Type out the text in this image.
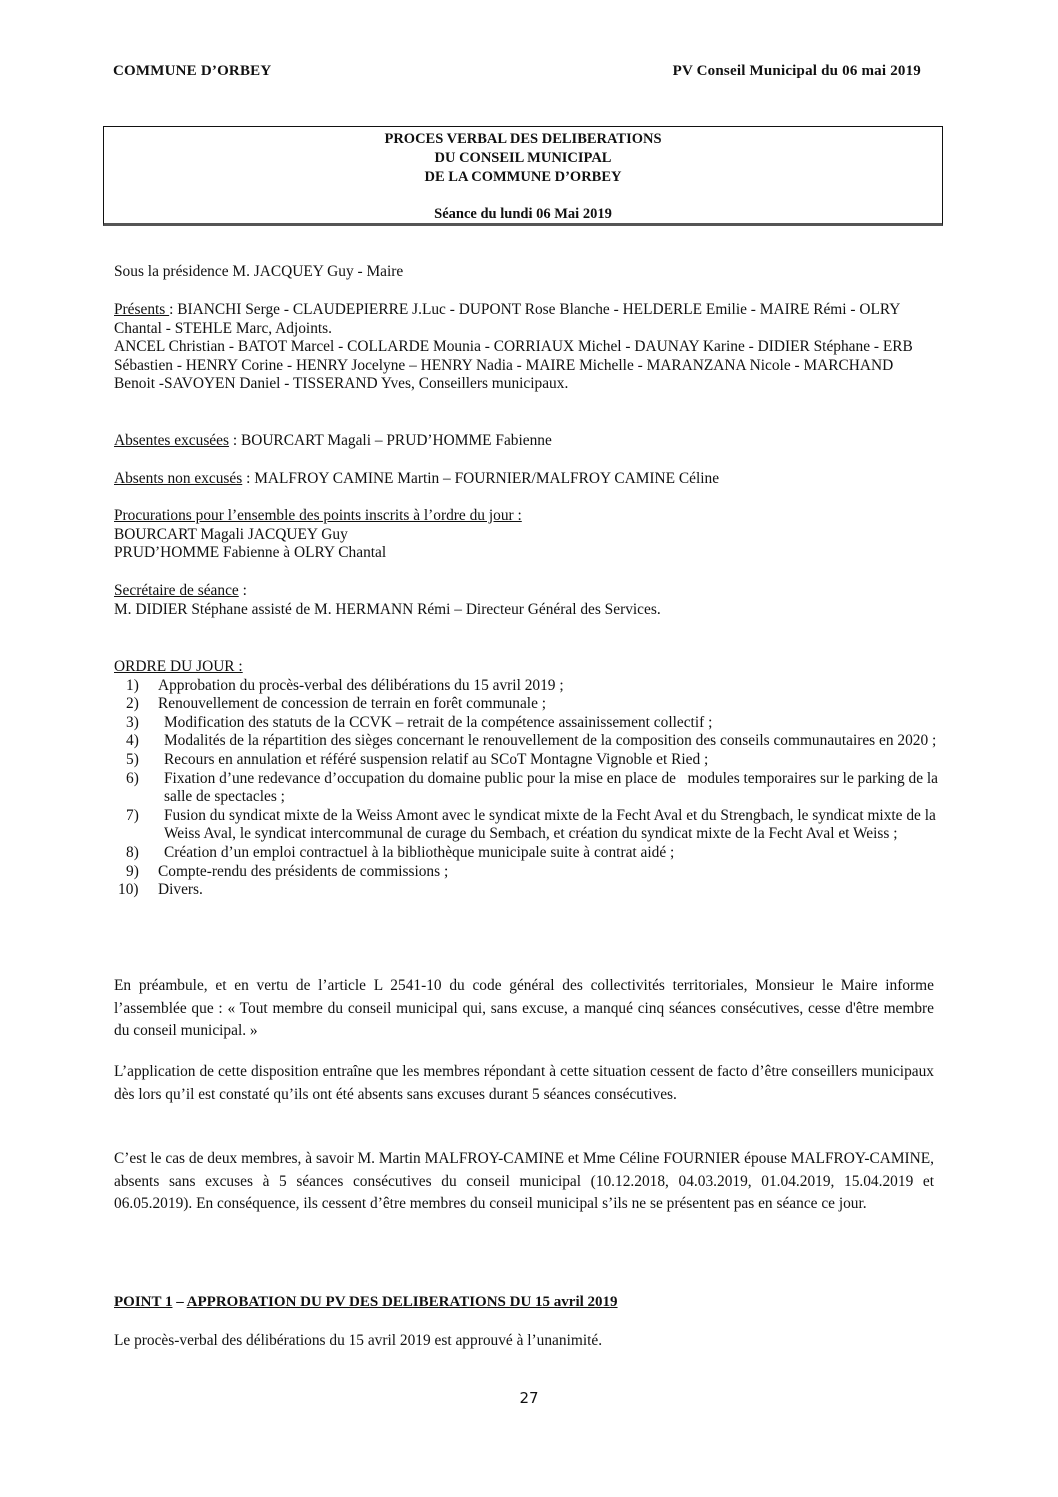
COMMUNE D’ORBEY	PV Conseil Municipal du 06 mai 2019
PROCES VERBAL DES DELIBERATIONS
DU CONSEIL MUNICIPAL
DE LA COMMUNE D’ORBEY
Séance du lundi 06 Mai 2019
Sous la présidence M. JACQUEY Guy - Maire
Présents : BIANCHI Serge - CLAUDEPIERRE J.Luc - DUPONT Rose Blanche - HELDERLE Emilie - MAIRE Rémi - OLRY Chantal - STEHLE Marc, Adjoints.
ANCEL Christian - BATOT Marcel - COLLARDE Mounia - CORRIAUX Michel - DAUNAY Karine - DIDIER Stéphane - ERB Sébastien - HENRY Corine - HENRY Jocelyne – HENRY Nadia - MAIRE Michelle - MARANZANA Nicole - MARCHAND Benoit -SAVOYEN Daniel - TISSERAND Yves, Conseillers municipaux.
Absentes excusées : BOURCART Magali – PRUD’HOMME Fabienne
Absents non excusés : MALFROY CAMINE Martin – FOURNIER/MALFROY CAMINE Céline
Procurations pour l’ensemble des points inscrits à l’ordre du jour :
BOURCART Magali JACQUEY Guy
PRUD’HOMME Fabienne à OLRY Chantal
Secrétaire de séance :
M. DIDIER Stéphane assisté de M. HERMANN Rémi – Directeur Général des Services.
ORDRE DU JOUR :
1)	Approbation du procès-verbal des délibérations du 15 avril 2019 ;
2)	Renouvellement de concession de terrain en forêt communale ;
3)	Modification des statuts de la CCVK – retrait de la compétence assainissement collectif ;
4)	Modalités de la répartition des sièges concernant le renouvellement de la composition des conseils communautaires en 2020 ;
5)	Recours en annulation et référé suspension relatif au SCoT Montagne Vignoble et Ried ;
6)	Fixation d’une redevance d’occupation du domaine public pour la mise en place de   modules temporaires sur le parking de la salle de spectacles ;
7)	Fusion du syndicat mixte de la Weiss Amont avec le syndicat mixte de la Fecht Aval et du Strengbach, le syndicat mixte de la Weiss Aval, le syndicat intercommunal de curage du Sembach, et création du syndicat mixte de la Fecht Aval et Weiss ;
8)	Création d’un emploi contractuel à la bibliothèque municipale suite à contrat aidé ;
9)	Compte-rendu des présidents de commissions ;
10)	Divers.
En préambule, et en vertu de l’article L 2541-10 du code général des collectivités territoriales, Monsieur le Maire informe l’assemblée que : « Tout membre du conseil municipal qui, sans excuse, a manqué cinq séances consécutives, cesse d'être membre du conseil municipal. »
L’application de cette disposition entraîne que les membres répondant à cette situation cessent de facto d’être conseillers municipaux dès lors qu’il est constaté qu’ils ont été absents sans excuses durant 5 séances consécutives.
C’est le cas de deux membres, à savoir M. Martin MALFROY-CAMINE et Mme Céline FOURNIER épouse MALFROY-CAMINE, absents sans excuses à 5 séances consécutives du conseil municipal (10.12.2018, 04.03.2019, 01.04.2019, 15.04.2019 et 06.05.2019). En conséquence, ils cessent d’être membres du conseil municipal s’ils ne se présentent pas en séance ce jour.
POINT 1 – APPROBATION DU PV DES DELIBERATIONS DU 15 avril 2019
Le procès-verbal des délibérations du 15 avril 2019 est approuvé à l’unanimité.
27
